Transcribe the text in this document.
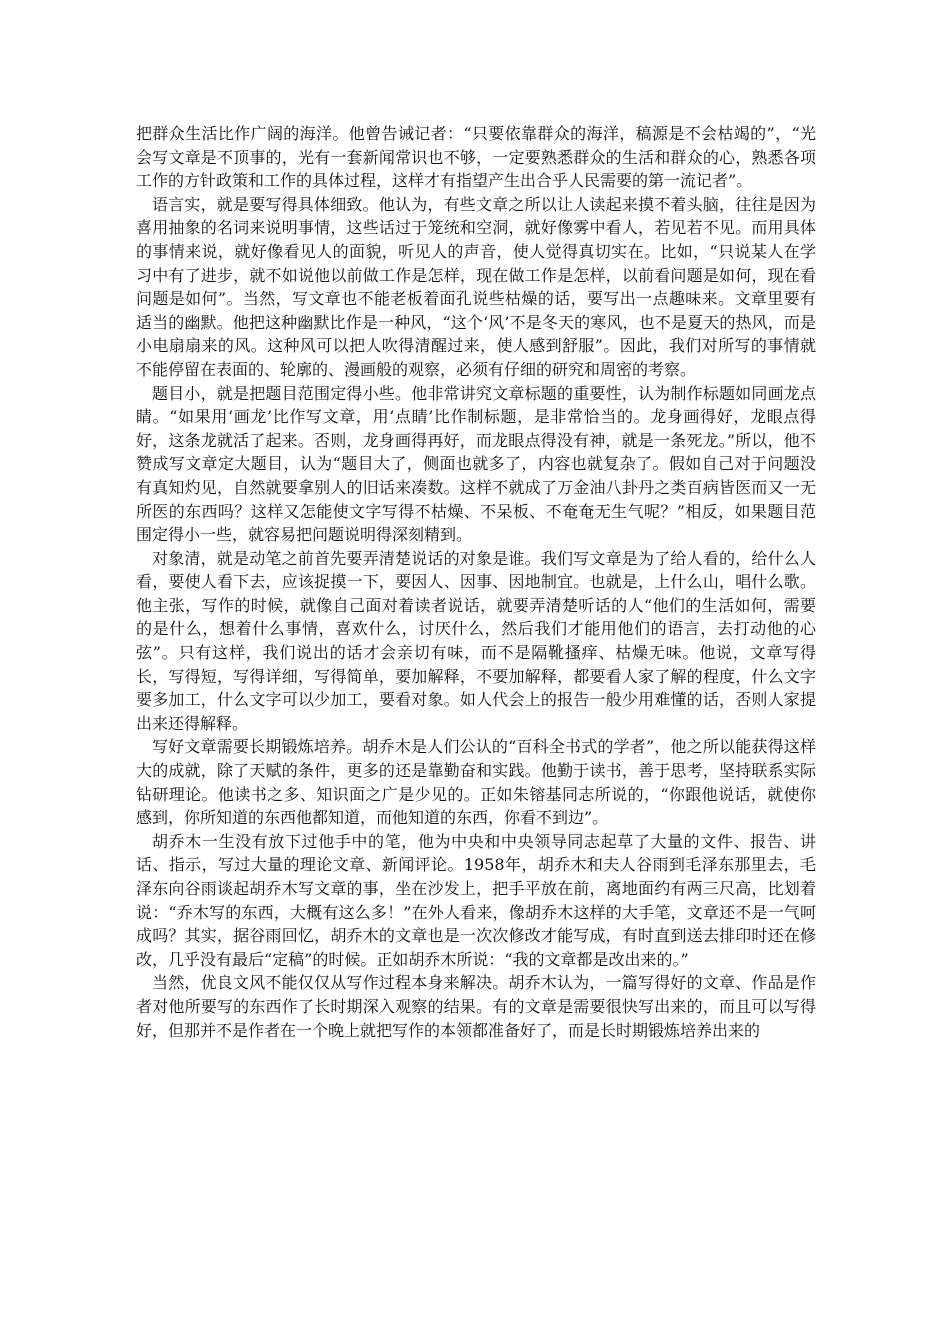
把群众生活比作广阔的海洋。他曾告诫记者：“只要依靠群众的海洋，稿源是不会枯竭的”，“光会写文章是不顶事的，光有一套新闻常识也不够，一定要熟悉群众的生活和群众的心，熟悉各项工作的方针政策和工作的具体过程，这样才有指望产生出合乎人民需要的第一流记者”。

语言实，就是要写得具体细致。他认为，有些文章之所以让人读起来摸不着头脑，往往是因为喜用抽象的名词来说明事情，这些话过于笼统和空洞，就好像雾中看人，若见若不见。而用具体的事情来说，就好像看见人的面貌，听见人的声音，使人觉得真切实在。比如，“只说某人在学习中有了进步，就不如说他以前做工作是怎样，现在做工作是怎样，以前看问题是如何，现在看问题是如何”。当然，写文章也不能老板着面孔说些枯燥的话，要写出一点趣味来。文章里要有适当的幽默。他把这种幽默比作是一种风，“这个‘风’不是冬天的寒风，也不是夏天的热风，而是小电扇扇来的风。这种风可以把人吹得清醒过来，使人感到舒服”。因此，我们对所写的事情就不能停留在表面的、轮廓的、漫画般的观察，必须有仔细的研究和周密的考察。

题目小，就是把题目范围定得小些。他非常讲究文章标题的重要性，认为制作标题如同画龙点睛。“如果用‘画龙’比作写文章，用‘点睛’比作制标题，是非常恰当的。龙身画得好，龙眼点得好，这条龙就活了起来。否则，龙身画得再好，而龙眼点得没有神，就是一条死龙。”所以，他不赞成写文章定大题目，认为“题目大了，侧面也就多了，内容也就复杂了。假如自己对于问题没有真知灼见，自然就要拿别人的旧话来凑数。这样不就成了万金油八卦丹之类百病皆医而又一无所医的东西吗？这样又怎能使文字写得不枯燥、不呆板、不奄奄无生气呢？”相反，如果题目范围定得小一些，就容易把问题说明得深刻精到。

对象清，就是动笔之前首先要弄清楚说话的对象是谁。我们写文章是为了给人看的，给什么人看，要使人看下去，应该捉摸一下，要因人、因事、因地制宜。也就是，上什么山，唱什么歌。他主张，写作的时候，就像自己面对着读者说话，就要弄清楚听话的人“他们的生活如何，需要的是什么，想着什么事情，喜欢什么，讨厌什么，然后我们才能用他们的语言，去打动他的心弦”。只有这样，我们说出的话才会亲切有味，而不是隔靴搔痒、枯燥无味。他说，文章写得长，写得短，写得详细，写得简单，要加解释，不要加解释，都要看人家了解的程度，什么文字要多加工，什么文字可以少加工，要看对象。如人代会上的报告一般少用难懂的话，否则人家提出来还得解释。

写好文章需要长期锻炼培养。胡乔木是人们公认的“百科全书式的学者”，他之所以能获得这样大的成就，除了天赋的条件，更多的还是靠勤奋和实践。他勤于读书，善于思考，坚持联系实际钻研理论。他读书之多、知识面之广是少见的。正如朱镕基同志所说的，“你跟他说话，就使你感到，你所知道的东西他都知道，而他知道的东西，你看不到边”。

胡乔木一生没有放下过他手中的笔，他为中央和中央领导同志起草了大量的文件、报告、讲话、指示，写过大量的理论文章、新闻评论。1958年，胡乔木和夫人谷雨到毛泽东那里去，毛泽东向谷雨谈起胡乔木写文章的事，坐在沙发上，把手平放在前，离地面约有两三尺高，比划着说：“乔木写的东西，大概有这么多！”在外人看来，像胡乔木这样的大手笔，文章还不是一气呵成吗？其实，据谷雨回忆，胡乔木的文章也是一次次修改才能写成，有时直到送去排印时还在修改，几乎没有最后“定稿”的时候。正如胡乔木所说：“我的文章都是改出来的。”

当然，优良文风不能仅仅从写作过程本身来解决。胡乔木认为，一篇写得好的文章、作品是作者对他所要写的东西作了长时期深入观察的结果。有的文章是需要很快写出来的，而且可以写得好，但那并不是作者在一个晚上就把写作的本领都准备好了，而是长时期锻炼培养出来的
